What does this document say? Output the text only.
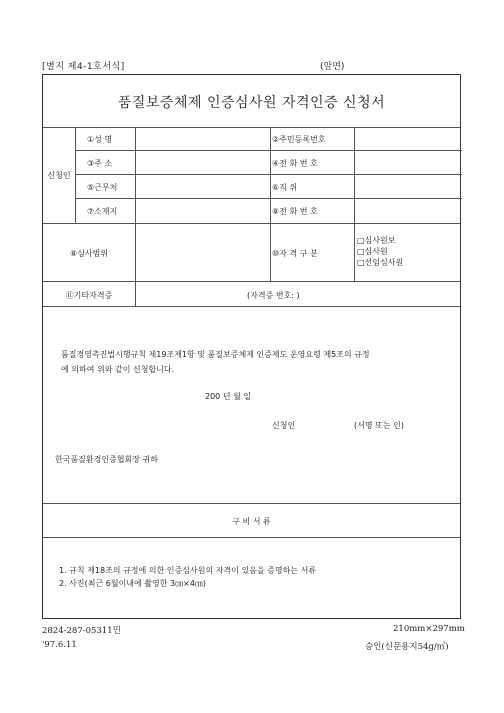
[별지 제4-1호서식]	(앞면)
품질보증체제 인증심사원 자격인증 신청서
신청인
①성 명	②주민등록번호
③주 소	④전 화 번 호
⑤근무처	⑥직 위
⑦소재지	⑧전 화 번 호
⑧심사범위	⑩자 격 구 분
□심사원보
□심사원
□선임심사원
⑪기타자격증	(자격증 번호: )
품질경영촉진법시행규칙 제19조제1항 및 품질보증체제 인증제도 운영요령 제5조의 규정
에 의하여 위와 같이 신청합니다.
200 년 월 일
신청인	(서명 또는 인)
한국품질환경인증협회장 귀하
구 비 서 류
1. 규칙 제18조의 규정에 의한 인증심사원의 자격이 있음을 증명하는 서류
2. 사진(최근 6월이내에 촬영한 3㎝×4㎝)
2824-287-05311민	210mm×297mm
'97.6.11	승인(신문용지54g/㎡)
